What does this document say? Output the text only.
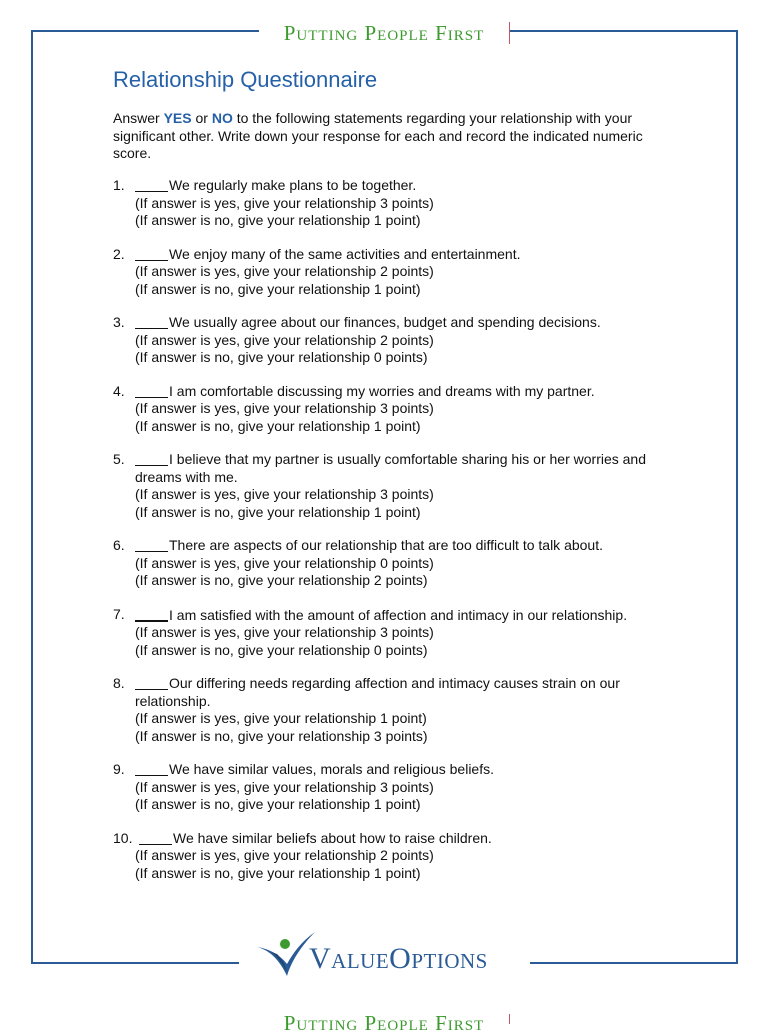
Putting People First
Relationship Questionnaire

Answer YES or NO to the following statements regarding your relationship with your significant other. Write down your response for each and record the indicated numeric score.

1.	We regularly make plans to be together.
(If answer is yes, give your relationship 3 points)
(If answer is no, give your relationship 1 point)
2.	We enjoy many of the same activities and entertainment.
(If answer is yes, give your relationship 2 points)
(If answer is no, give your relationship 1 point)
3.	We usually agree about our finances, budget and spending decisions.
(If answer is yes, give your relationship 2 points)
(If answer is no, give your relationship 0 points)
4.	I am comfortable discussing my worries and dreams with my partner.
(If answer is yes, give your relationship 3 points)
(If answer is no, give your relationship 1 point)
5.	I believe that my partner is usually comfortable sharing his or her worries and dreams with me.
(If answer is yes, give your relationship 3 points)
(If answer is no, give your relationship 1 point)
6.	There are aspects of our relationship that are too difficult to talk about.
(If answer is yes, give your relationship 0 points)
(If answer is no, give your relationship 2 points)
7.	I am satisfied with the amount of affection and intimacy in our relationship.
(If answer is yes, give your relationship 3 points)
(If answer is no, give your relationship 0 points)
8.	Our differing needs regarding affection and intimacy causes strain on our relationship.
(If answer is yes, give your relationship 1 point)
(If answer is no, give your relationship 3 points)
9.	We have similar values, morals and religious beliefs.
(If answer is yes, give your relationship 3 points)
(If answer is no, give your relationship 1 point)
10.	We have similar beliefs about how to raise children.
(If answer is yes, give your relationship 2 points)
(If answer is no, give your relationship 1 point)
ValueOptions
Putting People First
